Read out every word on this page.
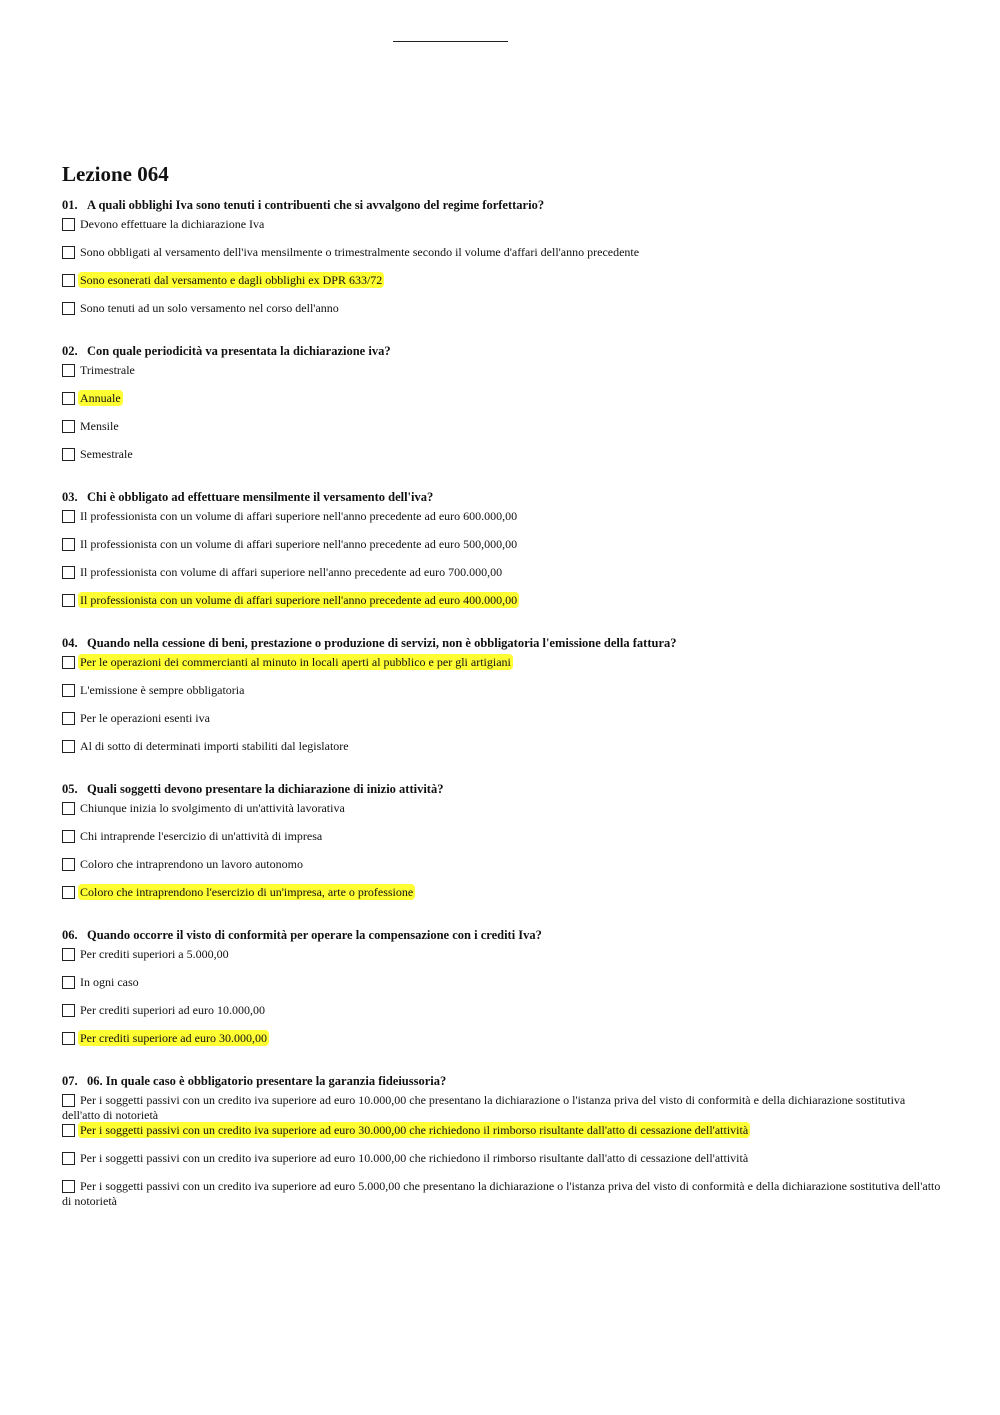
Lezione 064
01. A quali obblighi Iva sono tenuti i contribuenti che si avvalgono del regime forfettario?
Devono effettuare la dichiarazione Iva
Sono obbligati al versamento dell'iva mensilmente o trimestralmente secondo il volume d'affari dell'anno precedente
Sono esonerati dal versamento e dagli obblighi ex DPR 633/72
Sono tenuti ad un solo versamento nel corso dell'anno
02. Con quale periodicità va presentata la dichiarazione iva?
Trimestrale
Annuale
Mensile
Semestrale
03. Chi è obbligato ad effettuare mensilmente il versamento dell'iva?
Il professionista con un volume di affari superiore nell'anno precedente ad euro 600.000,00
Il professionista con un volume di affari superiore nell'anno precedente ad euro 500,000,00
Il professionista con volume di affari superiore nell'anno precedente ad euro 700.000,00
Il professionista con un volume di affari superiore nell'anno precedente ad euro 400.000,00
04. Quando nella cessione di beni, prestazione o produzione di servizi, non è obbligatoria l'emissione della fattura?
Per le operazioni dei commercianti al minuto in locali aperti al pubblico e per gli artigiani
L'emissione è sempre obbligatoria
Per le operazioni esenti iva
Al di sotto di determinati importi stabiliti dal legislatore
05. Quali soggetti devono presentare la dichiarazione di inizio attività?
Chiunque inizia lo svolgimento di un'attività lavorativa
Chi intraprende l'esercizio di un'attività di impresa
Coloro che intraprendono un lavoro autonomo
Coloro che intraprendono l'esercizio di un'impresa, arte o professione
06. Quando occorre il visto di conformità per operare la compensazione con i crediti Iva?
Per crediti superiori a 5.000,00
In ogni caso
Per crediti superiori ad euro 10.000,00
Per crediti superiore ad euro 30.000,00
07. 06. In quale caso è obbligatorio presentare la garanzia fideiussoria?
Per i soggetti passivi con un credito iva superiore ad euro 10.000,00 che presentano la dichiarazione o l'istanza priva del visto di conformità e della dichiarazione sostitutiva dell'atto di notorietà
Per i soggetti passivi con un credito iva superiore ad euro 30.000,00 che richiedono il rimborso risultante dall'atto di cessazione dell'attività
Per i soggetti passivi con un credito iva superiore ad euro 10.000,00 che richiedono il rimborso risultante dall'atto di cessazione dell'attività
Per i soggetti passivi con un credito iva superiore ad euro 5.000,00 che presentano la dichiarazione o l'istanza priva del visto di conformità e della dichiarazione sostitutiva dell'atto di notorietà
